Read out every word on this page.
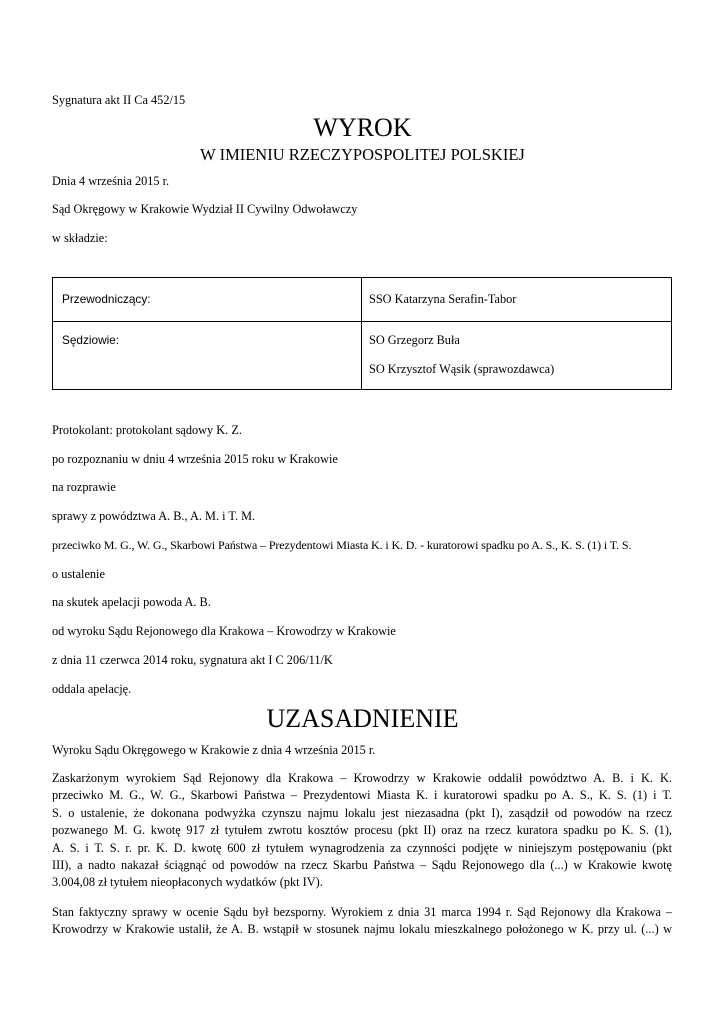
Sygnatura akt II Ca 452/15
WYROK
W IMIENIU RZECZYPOSPOLITEJ POLSKIEJ
Dnia 4 września 2015 r.
Sąd Okręgowy w Krakowie Wydział II Cywilny Odwoławczy
w składzie:
Przewodniczący:	SSO Katarzyna Serafin-Tabor
Sędziowie:	SO Grzegorz Buła
SO Krzysztof Wąsik (sprawozdawca)
Protokolant: protokolant sądowy K. Z.
po rozpoznaniu w dniu 4 września 2015 roku w Krakowie
na rozprawie
sprawy z powództwa A. B., A. M. i T. M.
przeciwko M. G., W. G., Skarbowi Państwa – Prezydentowi Miasta K. i K. D. - kuratorowi spadku po A. S., K. S. (1) i T. S.
o ustalenie
na skutek apelacji powoda A. B.
od wyroku Sądu Rejonowego dla Krakowa – Krowodrzy w Krakowie
z dnia 11 czerwca 2014 roku, sygnatura akt I C 206/11/K
oddala apelację.
UZASADNIENIE
Wyroku Sądu Okręgowego w Krakowie z dnia 4 września 2015 r.
Zaskarżonym wyrokiem Sąd Rejonowy dla Krakowa – Krowodrzy w Krakowie oddalił powództwo A. B. i K. K.
przeciwko M. G., W. G., Skarbowi Państwa – Prezydentowi Miasta K. i kuratorowi spadku po A. S., K. S. (1) i T.
S. o ustalenie, że dokonana podwyżka czynszu najmu lokalu jest niezasadna (pkt I), zasądził od powodów na rzecz
pozwanego M. G. kwotę 917 zł tytułem zwrotu kosztów procesu (pkt II) oraz na rzecz kuratora spadku po K. S. (1),
A. S. i T. S. r. pr. K. D. kwotę 600 zł tytułem wynagrodzenia za czynności podjęte w niniejszym postępowaniu (pkt
III), a nadto nakazał ściągnąć od powodów na rzecz Skarbu Państwa – Sądu Rejonowego dla (...) w Krakowie kwotę
3.004,08 zł tytułem nieopłaconych wydatków (pkt IV).
Stan faktyczny sprawy w ocenie Sądu był bezsporny. Wyrokiem z dnia 31 marca 1994 r. Sąd Rejonowy dla Krakowa –
Krowodrzy w Krakowie ustalił, że A. B. wstąpił w stosunek najmu lokalu mieszkalnego położonego w K. przy ul. (...) w
